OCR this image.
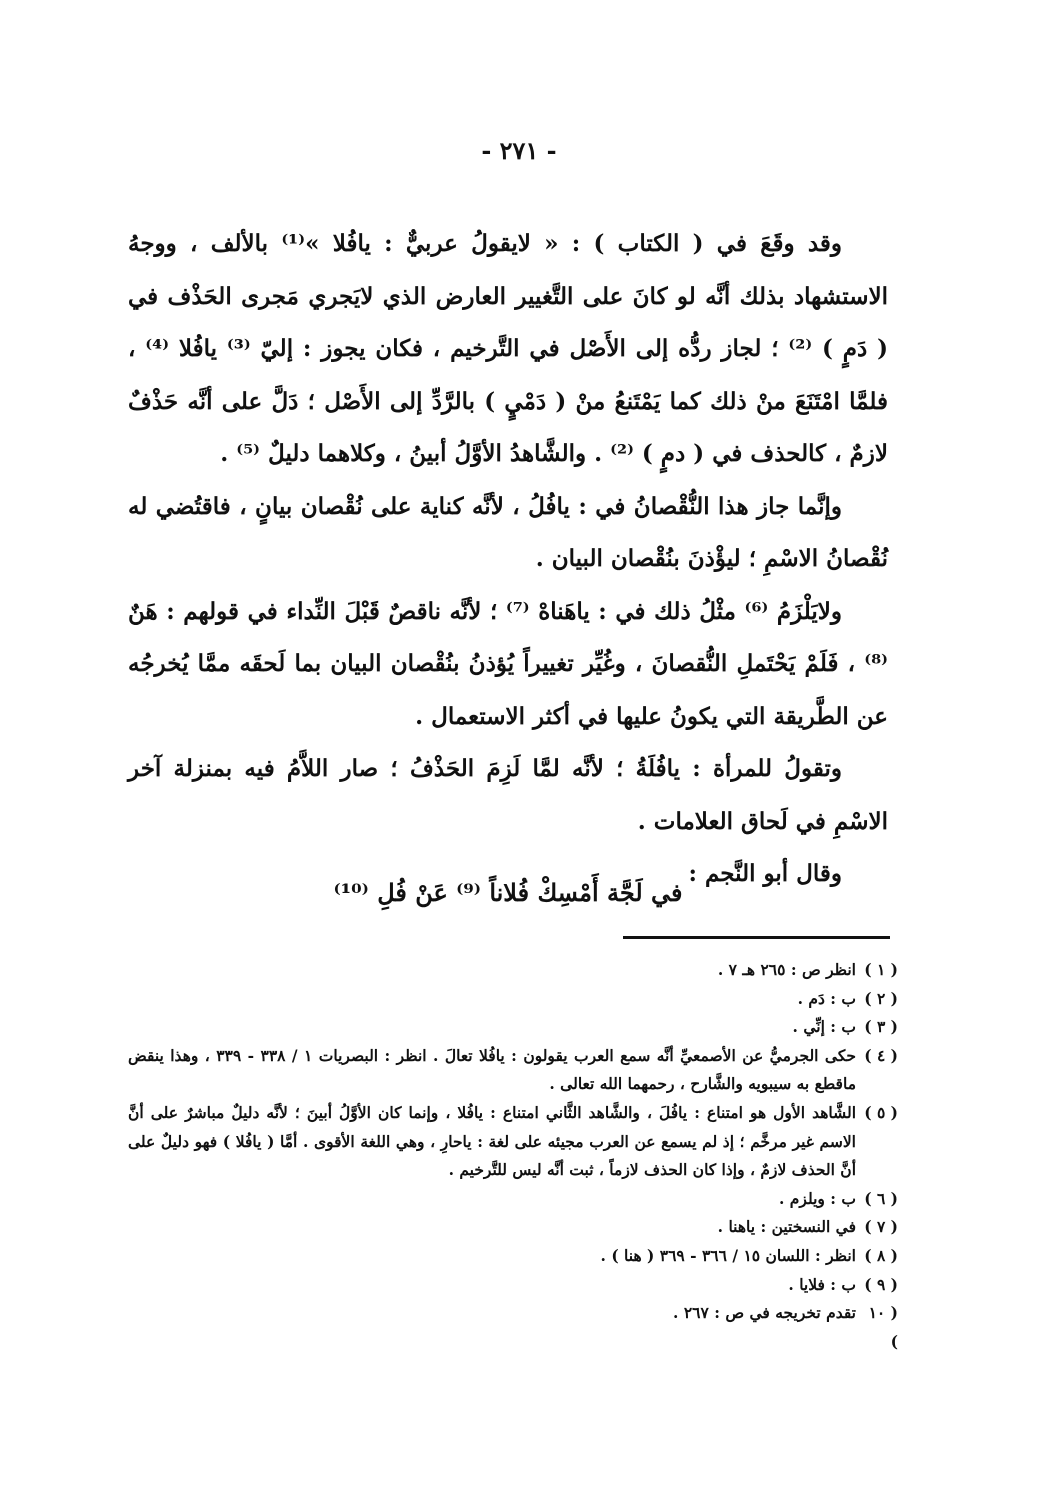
- ٢٧١ -

وقد وقَعَ في ( الكتاب ) : « لايقولُ عربيٌّ : يافُلا »⁽¹⁾ بالألف ، ووجهُ الاستشهاد بذلك أنَّه لو كانَ على التَّغيير العارض الذي لايَجري مَجرى الحَذْف في ( دَمٍ ) ⁽²⁾ ؛ لجاز ردُّه إلى الأَصْل في التَّرخيم ، فكان يجوز : إليّ ⁽³⁾ يافُلا ⁽⁴⁾ ، فلمَّا امْتَنَعَ منْ ذلك كما يَمْتَنعُ منْ ( دَمْيٍ ) بالرَّدِّ إلى الأَصْل ؛ دَلَّ على أنَّه حَذْفٌ لازمٌ ، كالحذف في ( دمٍ ) ⁽²⁾ . والشَّاهدُ الأوَّلُ أبينُ ، وكلاهما دليلٌ ⁽⁵⁾ .

وإنَّما جاز هذا النُّقْصانُ في : يافُلُ ، لأنَّه كناية على نُقْصان بيانٍ ، فاقتُضي له نُقْصانُ الاسْمِ ؛ ليؤْذنَ بنُقْصان البيان .

ولايَلْزَمُ ⁽⁶⁾ مثْلُ ذلك في : ياهَناهْ ⁽⁷⁾ ؛ لأنَّه ناقصٌ قَبْلَ النِّداء في قولهم : هَنٌ ⁽⁸⁾ ، فَلَمْ يَحْتَملِ النُّقصانَ ، وغُيِّر تغييراً يُؤذنُ بنُقْصان البيان بما لَحقَه ممَّا يُخرجُه عن الطَّريقة التي يكونُ عليها في أكثر الاستعمال .

وتقولُ للمرأة : يافُلَةُ ؛ لأنَّه لمَّا لَزِمَ الحَذْفُ ؛ صار اللاَّمُ فيه بمنزلة آخر الاسْمِ في لَحاق العلامات .

وقال أبو النَّجم :

في لَجَّة أَمْسِكْ فُلاناً ⁽⁹⁾ عَنْ فُلِ ⁽¹⁰⁾
( ١ )
انظر ص : ٢٦٥ هـ ٧ .
( ٢ )
ب : دَم .
( ٣ )
ب : إنِّي .
( ٤ )
حكى الجرميُّ عن الأصمعيِّ أنَّه سمع العرب يقولون : يافُلا تعالَ . انظر : البصريات ١ / ٣٣٨ - ٣٣٩ ، وهذا ينقض ماقطع به سيبويه والشَّارح ، رحمهما الله تعالى .
( ٥ )
الشَّاهد الأول هو امتناع : يافُلَ ، والشَّاهد الثَّاني امتناع : يافُلا ، وإنما كان الأوَّلُ أبينَ ؛ لأنَّه دليلٌ مباشرٌ على أنَّ الاسم غير مرخَّم ؛ إذ لم يسمع عن العرب مجيئه على لغة : ياحارِ ، وهي اللغة الأقوى . أمَّا ( يافُلا ) فهو دليلٌ على أنَّ الحذف لازمٌ ، وإذا كان الحذف لازماً ، ثبت أنَّه ليس للتَّرخيم .
( ٦ )
ب : ويلزم .
( ٧ )
في النسختين : ياهنا .
( ٨ )
انظر : اللسان ١٥ / ٣٦٦ - ٣٦٩ ( هنا ) .
( ٩ )
ب : فلايا .
( ١٠ )
تقدم تخريجه في ص : ٢٦٧ .
